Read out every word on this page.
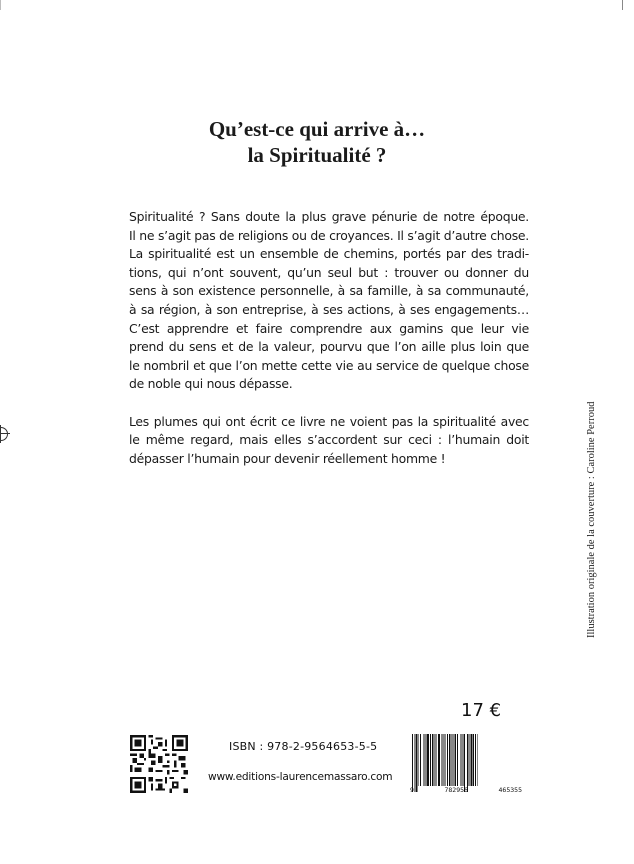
Qu’est-ce qui arrive à…
la Spiritualité ?
Spiritualité ? Sans doute la plus grave pénurie de notre époque.
Il ne s’agit pas de religions ou de croyances. Il s’agit d’autre chose.
La spiritualité est un ensemble de chemins, portés par des tradi-
tions, qui n’ont souvent, qu’un seul but : trouver ou donner du
sens à son existence personnelle, à sa famille, à sa communauté,
à sa région, à son entreprise, à ses actions, à ses engagements…
C’est apprendre et faire comprendre aux gamins que leur vie
prend du sens et de la valeur, pourvu que l’on aille plus loin que
le nombril et que l’on mette cette vie au service de quelque chose
de noble qui nous dépasse.
Les plumes qui ont écrit ce livre ne voient pas la spiritualité avec
le même regard, mais elles s’accordent sur ceci : l’humain doit
dépasser l’humain pour devenir réellement homme !	Illustration originale de la couverture : Caroline Perroud
17 €
ISBN : 978-2-9564653-5-5
www.editions-laurencemassaro.com
9	782956	465355
